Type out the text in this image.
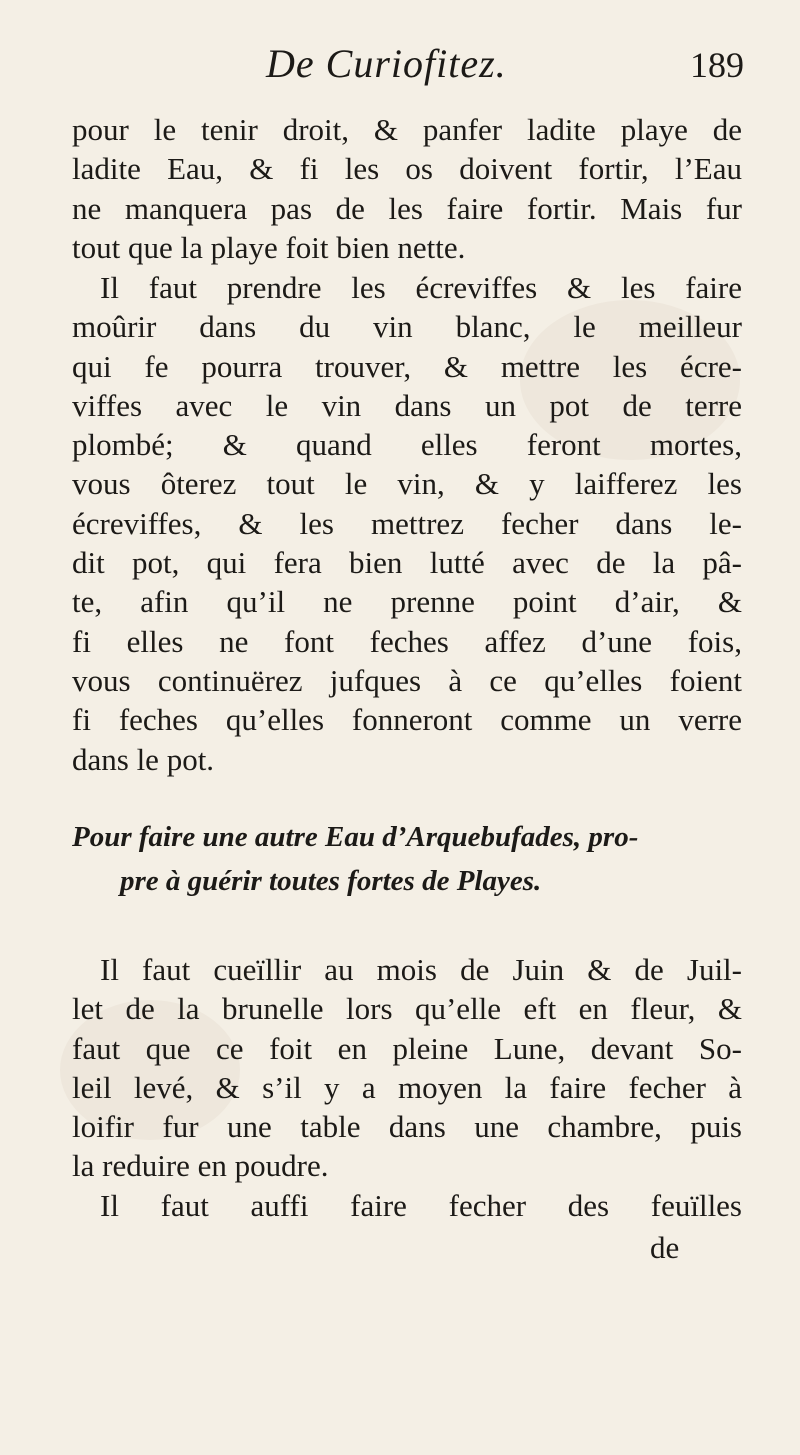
De Curiofitez.	189
pour le tenir droit, & panfer ladite playe de
ladite Eau, & fi les os doivent fortir, l’Eau
ne manquera pas de les faire fortir. Mais fur
tout que la playe foit bien nette.
Il faut prendre les écreviffes & les faire
moûrir dans du vin blanc, le meilleur
qui fe pourra trouver, & mettre les écre-
viffes avec le vin dans un pot de terre
plombé; & quand elles feront mortes,
vous ôterez tout le vin, & y laifferez les
écreviffes, & les mettrez fecher dans le-
dit pot, qui fera bien lutté avec de la pâ-
te, afin qu’il ne prenne point d’air, &
fi elles ne font feches affez d’une fois,
vous continuërez jufques à ce qu’elles foient
fi feches qu’elles fonneront comme un verre
dans le pot.
Pour faire une autre Eau d’Arquebufades, pro-
pre à guérir toutes fortes de Playes.
Il faut cueïllir au mois de Juin & de Juil-
let de la brunelle lors qu’elle eft en fleur, &
faut que ce foit en pleine Lune, devant So-
leil levé, & s’il y a moyen la faire fecher à
loifir fur une table dans une chambre, puis
la reduire en poudre.
Il faut auffi faire fecher des feuïlles
de
